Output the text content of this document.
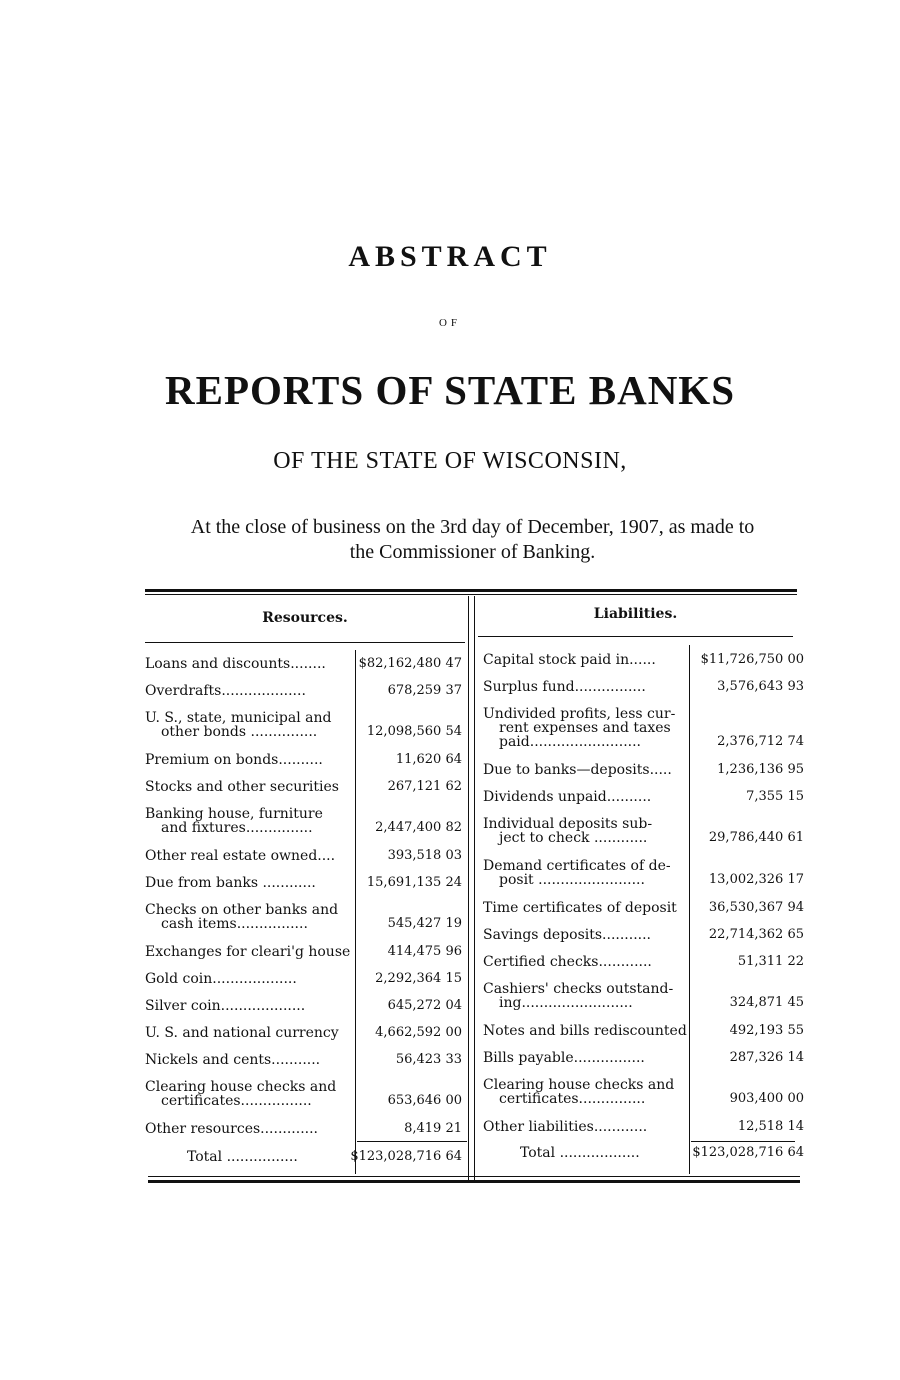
ABSTRACT
OF
REPORTS OF STATE BANKS
OF THE STATE OF WISCONSIN,
At the close of business on the 3rd day of December, 1907, as made to
the Commissioner of Banking.
Resources.	Liabilities.
Loans and discounts........	$82,162,480 47
Overdrafts...................	678,259 37
U. S., state, municipal and
other bonds ...............	12,098,560 54
Premium on bonds..........	11,620 64
Stocks and other securities	267,121 62
Banking house, furniture
and fixtures...............	2,447,400 82
Other real estate owned....	393,518 03
Due from banks ............	15,691,135 24
Checks on other banks and
cash items................	545,427 19
Exchanges for cleari'g house	414,475 96
Gold coin...................	2,292,364 15
Silver coin...................	645,272 04
U. S. and national currency	4,662,592 00
Nickels and cents...........	56,423 33
Clearing house checks and
certificates................	653,646 00
Other resources.............	8,419 21
Capital stock paid in......	$11,726,750 00
Surplus fund................	3,576,643 93
Undivided profits, less cur-
rent expenses and taxes
paid.........................	2,376,712 74
Due to banks—deposits.....	1,236,136 95
Dividends unpaid..........	7,355 15
Individual deposits sub-
ject to check ............	29,786,440 61
Demand certificates of de-
posit ........................	13,002,326 17
Time certificates of deposit 36,530,367 94
Savings deposits...........	22,714,362 65
Certified checks............	51,311 22
Cashiers' checks outstand-
ing.........................	324,871 45
Notes and bills rediscounted	492,193 55
Bills payable................	287,326 14
Clearing house checks and
certificates...............	903,400 00
Other liabilities............	12,518 14
Total ................	$123,028,716 64	Total ..................	$123,028,716 64
